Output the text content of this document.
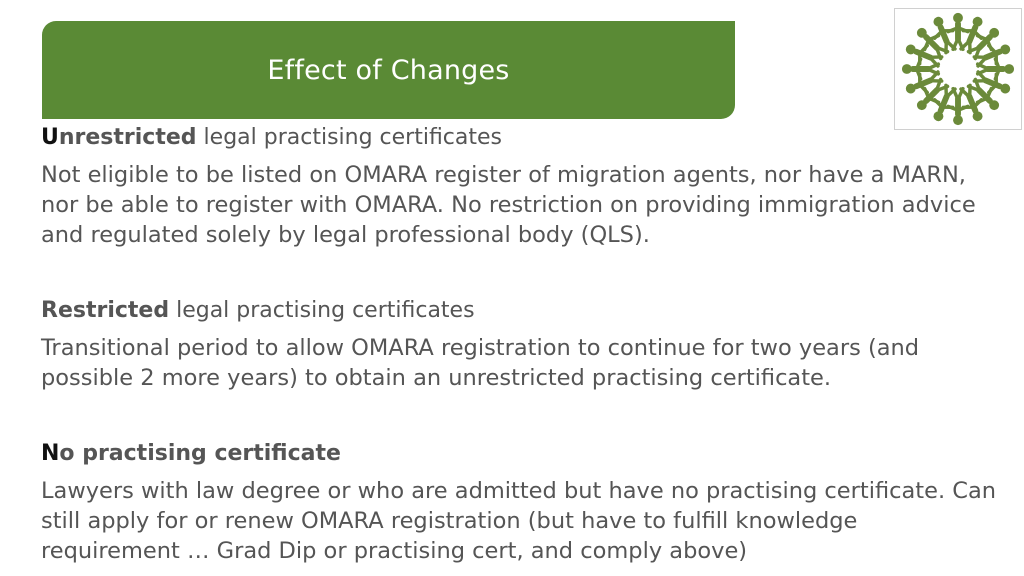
Effect of Changes

Unrestricted legal practising certificates

Not eligible to be listed on OMARA register of migration agents, nor have a MARN, nor be able to register with OMARA. No restriction on providing immigration advice and regulated solely by legal professional body (QLS).

Restricted legal practising certificates

Transitional period to allow OMARA registration to continue for two years (and possible 2 more years) to obtain an unrestricted practising certificate.

No practising certificate

Lawyers with law degree or who are admitted but have no practising certificate. Can still apply for or renew OMARA registration (but have to fulfill knowledge requirement … Grad Dip or practising cert, and comply above)
